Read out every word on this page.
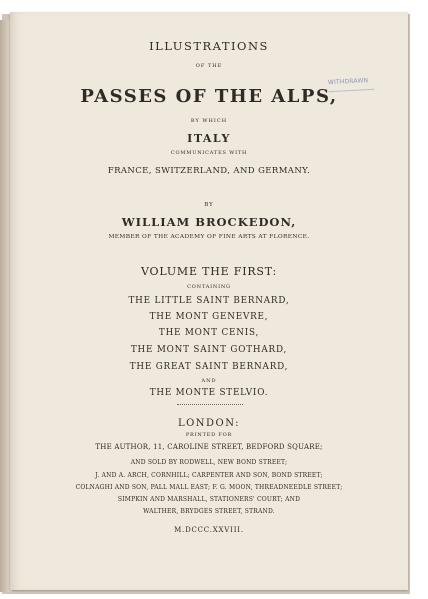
ILLUSTRATIONS
OF THE
PASSES OF THE ALPS,
BY WHICH
ITALY
COMMUNICATES WITH
FRANCE, SWITZERLAND, AND GERMANY.
BY
WILLIAM BROCKEDON,
MEMBER OF THE ACADEMY OF FINE ARTS AT FLORENCE.
VOLUME THE FIRST:
CONTAINING
THE LITTLE SAINT BERNARD,
THE MONT GENÈVRE,
THE MONT CENIS,
THE MONT SAINT GOTHARD,
THE GREAT SAINT BERNARD,
AND
THE MONTE STELVIO.
LONDON:
PRINTED FOR
THE AUTHOR, 11, CAROLINE STREET, BEDFORD SQUARE;
AND SOLD BY RODWELL, NEW BOND STREET;
J. AND A. ARCH, CORNHILL; CARPENTER AND SON, BOND STREET;
COLNAGHI AND SON, PALL MALL EAST; F. G. MOON, THREADNEEDLE STREET;
SIMPKIN AND MARSHALL, STATIONERS' COURT; AND
WALTHER, BRYDGES STREET, STRAND.
M.DCCC.XXVIII.
WITHDRAWN
